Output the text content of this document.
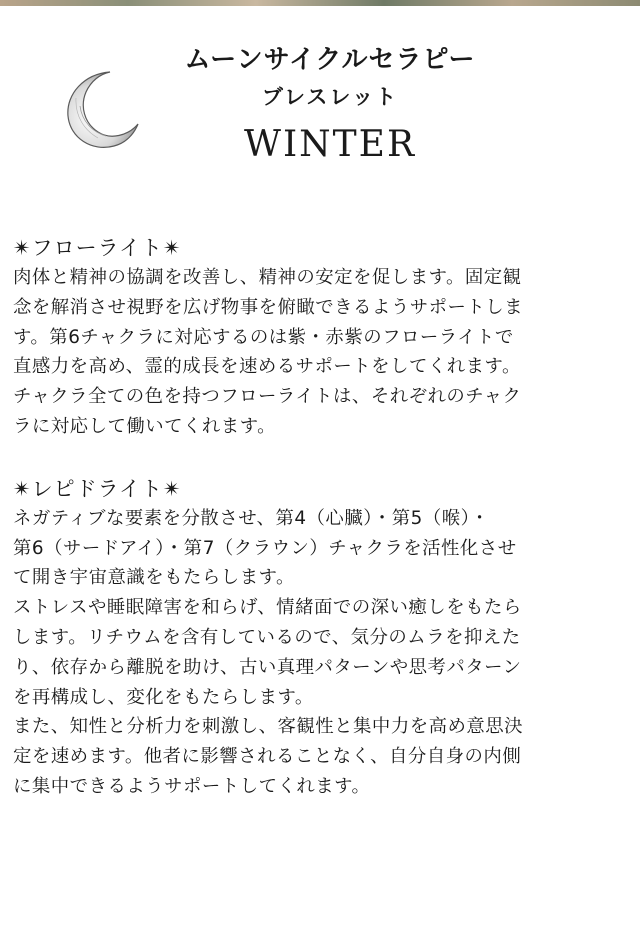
ムーンサイクルセラピー
ブレスレット
WINTER
✴フローライト✴
肉体と精神の協調を改善し、精神の安定を促します。固定観
念を解消させ視野を広げ物事を俯瞰できるようサポートしま
す。第6チャクラに対応するのは紫・赤紫のフローライトで
直感力を高め、霊的成長を速めるサポートをしてくれます。
チャクラ全ての色を持つフローライトは、それぞれのチャク
ラに対応して働いてくれます。
✴レピドライト✴
ネガティブな要素を分散させ、第4（心臓）・第5（喉）・
第6（サードアイ）・第7（クラウン）チャクラを活性化させ
て開き宇宙意識をもたらします。
ストレスや睡眠障害を和らげ、情緒面での深い癒しをもたら
します。リチウムを含有しているので、気分のムラを抑えた
り、依存から離脱を助け、古い真理パターンや思考パターン
を再構成し、変化をもたらします。
また、知性と分析力を刺激し、客観性と集中力を高め意思決
定を速めます。他者に影響されることなく、自分自身の内側
に集中できるようサポートしてくれます。
